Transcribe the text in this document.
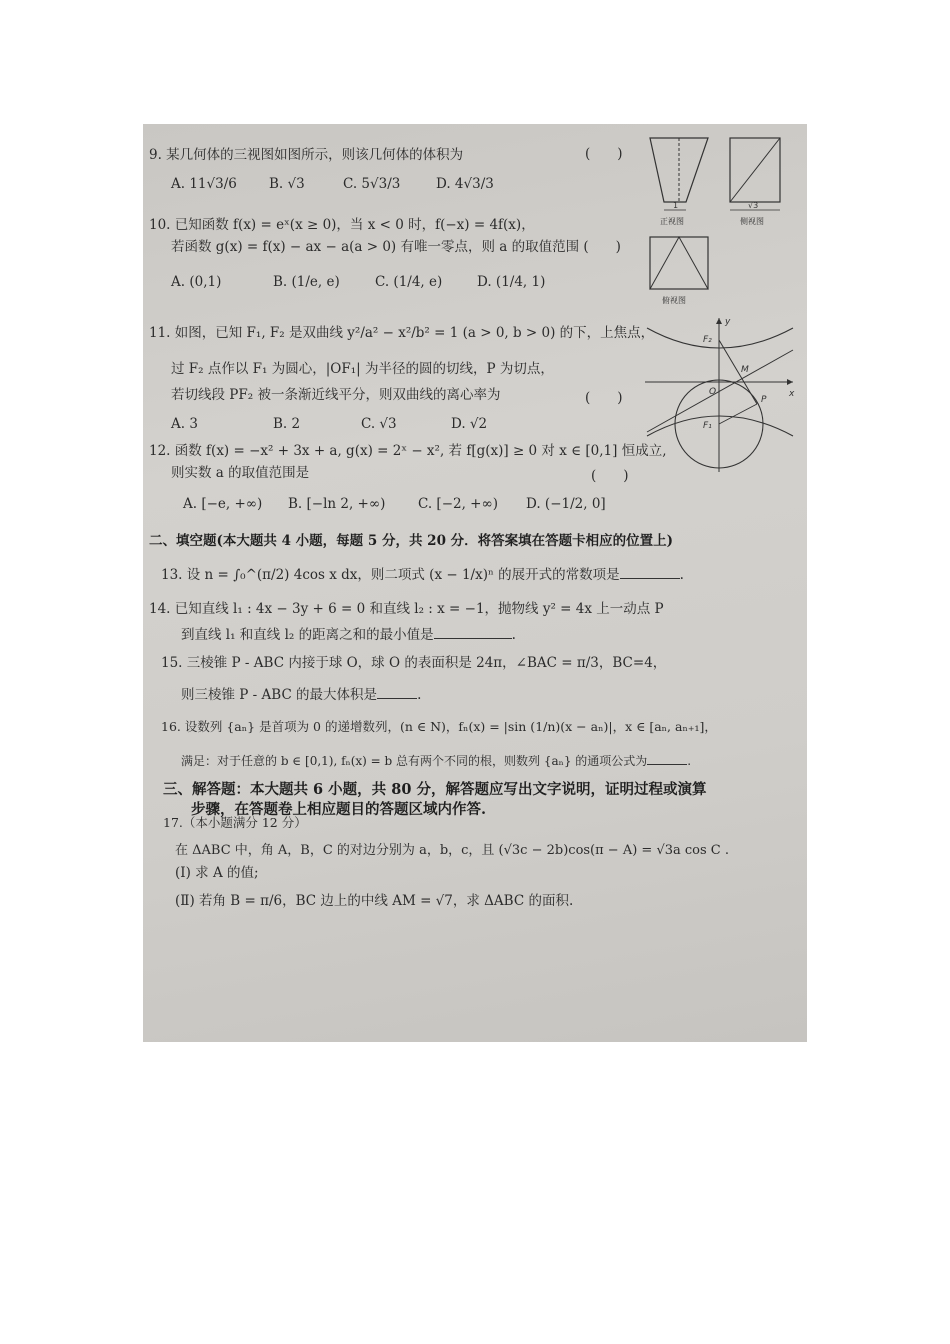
9. 某几何体的三视图如图所示，则该几何体的体积为	(　　)
A. 11√3/6 B. √3	C. 5√3/3	D. 4√3/3
1
正视图
√3
侧视图
俯视图
10. 已知函数 f(x) = eˣ(x ≥ 0)，当 x < 0 时，f(−x) = 4f(x)，
若函数 g(x) = f(x) − ax − a(a > 0) 有唯一零点，则 a 的取值范围 (　　)
A. (0,1)	B. (1/e, e)	C. (1/4, e)	D. (1/4, 1)
11. 如图，已知 F₁, F₂ 是双曲线 y²/a² − x²/b² = 1 (a > 0, b > 0) 的下，上焦点，
过 F₂ 点作以 F₁ 为圆心，|OF₁| 为半径的圆的切线，P 为切点，
若切线段 PF₂ 被一条渐近线平分，则双曲线的离心率为	(　　)
A. 3	B. 2	C. √3	D. √2
y
x
F₂
F₁
M
O
P
12. 函数 f(x) = −x² + 3x + a, g(x) = 2ˣ − x², 若 f[g(x)] ≥ 0 对 x ∈ [0,1] 恒成立,
则实数 a 的取值范围是	(　　)
A. [−e, +∞) B. [−ln 2, +∞) C. [−2, +∞) D. (−1/2, 0]
二、填空题(本大题共 4 小题，每题 5 分，共 20 分．将答案填在答题卡相应的位置上)
13. 设 n = ∫₀^(π/2) 4cos x dx，则二项式 (x − 1/x)ⁿ 的展开式的常数项是	.
14. 已知直线 l₁ : 4x − 3y + 6 = 0 和直线 l₂ : x = −1，抛物线 y² = 4x 上一动点 P
到直线 l₁ 和直线 l₂ 的距离之和的最小值是	.
15. 三棱锥 P - ABC 内接于球 O，球 O 的表面积是 24π，∠BAC = π/3，BC=4，
则三棱锥 P - ABC 的最大体积是	.
16. 设数列 {aₙ} 是首项为 0 的递增数列，(n ∈ N)，fₙ(x) = |sin (1/n)(x − aₙ)|，x ∈ [aₙ, aₙ₊₁]，
满足：对于任意的 b ∈ [0,1), fₙ(x) = b 总有两个不同的根，则数列 {aₙ} 的通项公式为	.
三、解答题：本大题共 6 小题，共 80 分，解答题应写出文字说明，证明过程或演算
步骤，在答题卷上相应题目的答题区域内作答.
17.（本小题满分 12 分）
在 ΔABC 中，角 A，B，C 的对边分别为 a，b，c，且 (√3c − 2b)cos(π − A) = √3a cos C .
(Ⅰ) 求 A 的值;
(Ⅱ) 若角 B = π/6，BC 边上的中线 AM = √7，求 ΔABC 的面积.
